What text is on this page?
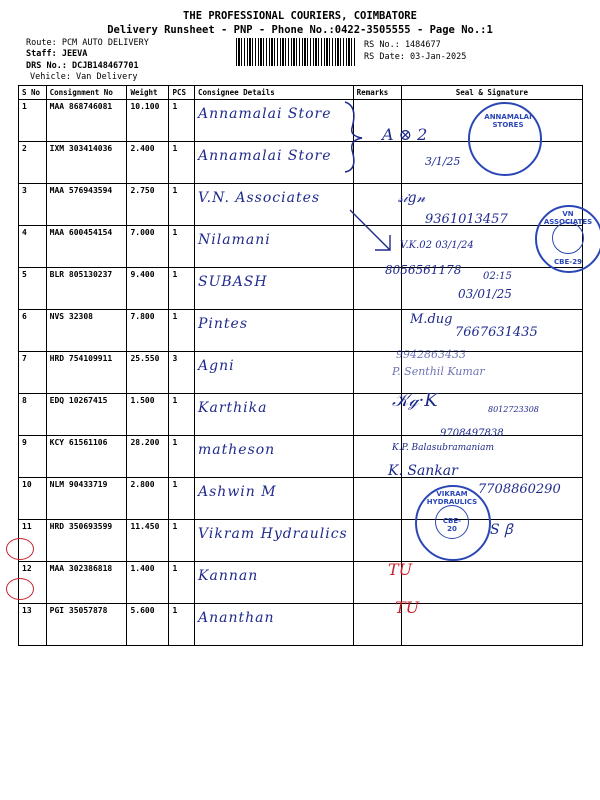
THE PROFESSIONAL COURIERS, COIMBATORE
Delivery Runsheet - PNP - Phone No.:0422-3505555 - Page No.:1
Route: PCM AUTO DELIVERY
Staff: JEEVA
DRS No.: DCJB148467701
Vehicle: Van Delivery
RS No.: 1484677
RS Date: 03-Jan-2025
S No	Consignment No	Weight	PCS	Consignee Details	Remarks	Seal & Signature
1	MAA 868746081	10.100	1	Annamalai Store		

2	IXM 303414036	2.400	1	Annamalai Store		

3	MAA 576943594	2.750	1	V.N. Associates		

4	MAA 600454154	7.000	1	Nilamani		

5	BLR 805130237	9.400	1	SUBASH		

6	NVS 32308	7.800	1	Pintes		

7	HRD 754109911	25.550	3	Agni		

8	EDQ 10267415	1.500	1	Karthika		

9	KCY 61561106	28.200	1	matheson		

10	NLM 90433719	2.800	1	Ashwin M		

11	HRD 350693599	11.450	1	Vikram Hydraulics		

12	MAA 302386818	1.400	1	Kannan		

13	PGI 35057878	5.600	1	Ananthan		

ANNAMALAI STORES
VN ASSOCIATES
CBE-29
VIKRAM HYDRAULICS
CBE-20
A ⊗ 2
3/1/25
𝓈𝒾𝑔𝓃
9361013457
V.K.02 03/1/24
8056561178 02:15
03/01/25
M.dug
7667631435
9942863433
P. Senthil Kumar
𝒦ℊ·K	8012723308
9708497838
K.P. Balasubramaniam
K. Sankar
7708860290
S ꞵ
TU
TU
